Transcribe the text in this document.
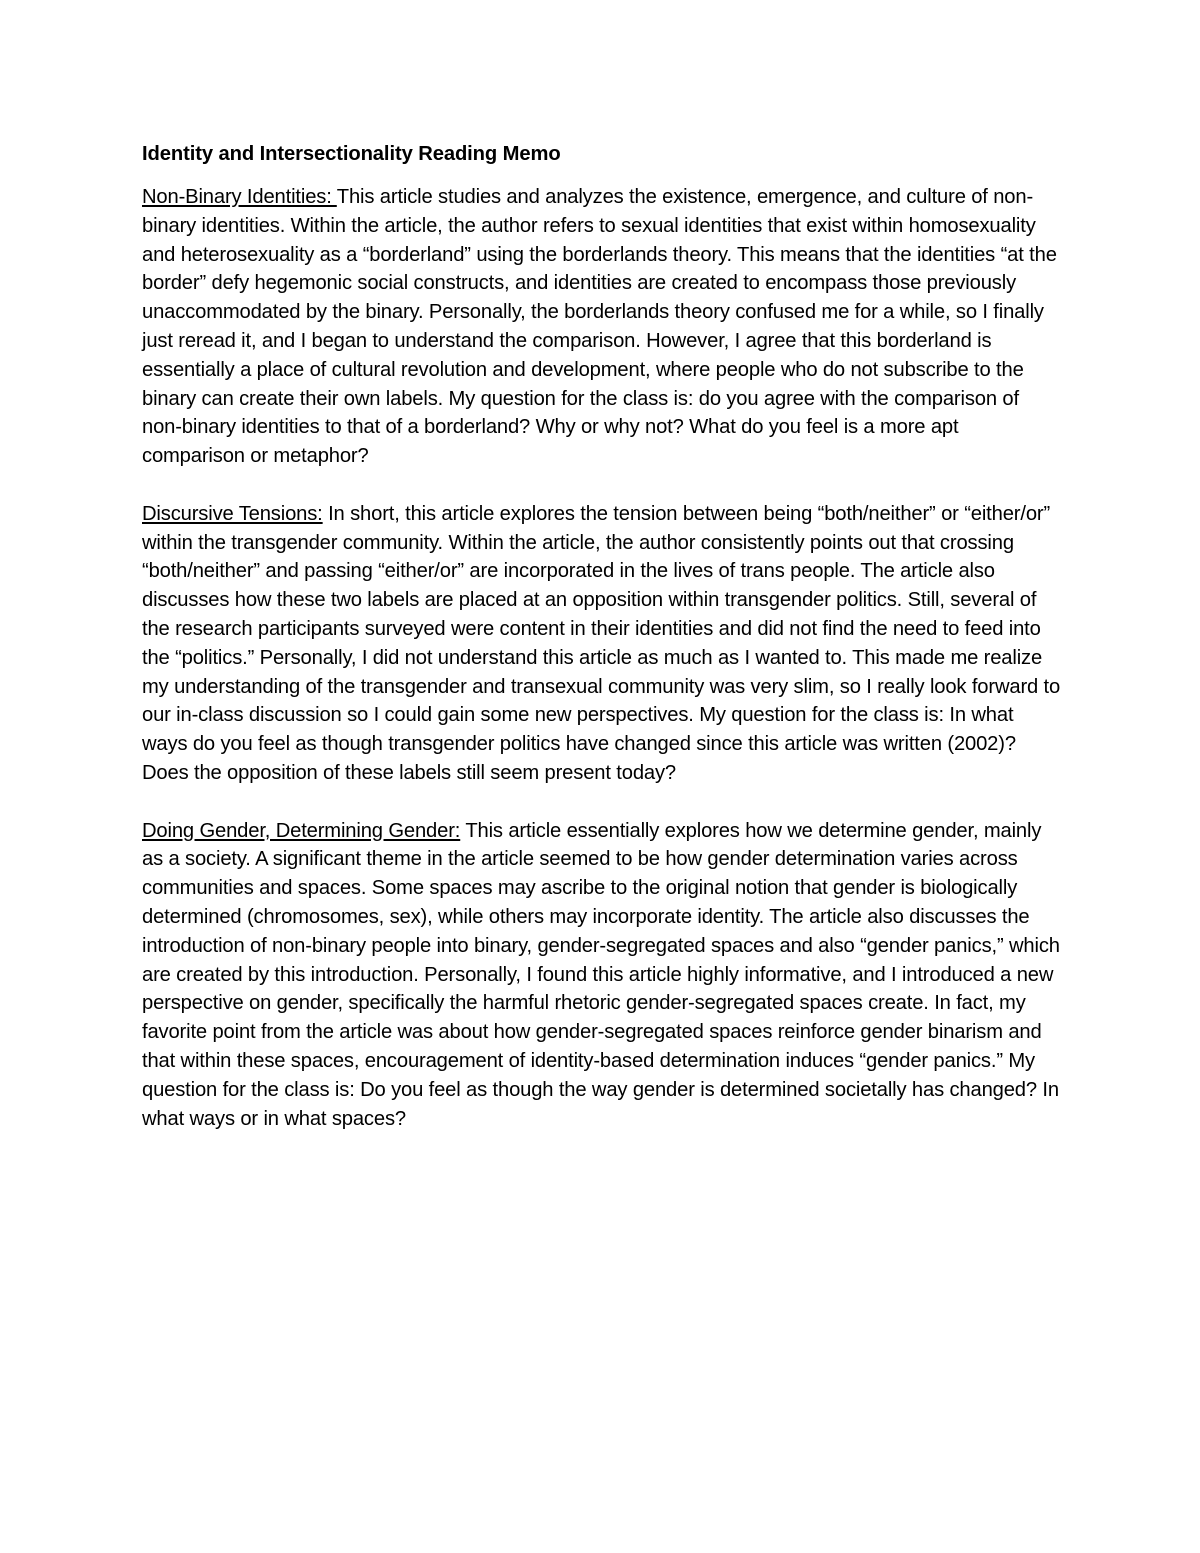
Identity and Intersectionality Reading Memo

Non-Binary Identities: This article studies and analyzes the existence, emergence, and culture of non-binary identities. Within the article, the author refers to sexual identities that exist within homosexuality and heterosexuality as a “borderland” using the borderlands theory. This means that the identities “at the border” defy hegemonic social constructs, and identities are created to encompass those previously unaccommodated by the binary. Personally, the borderlands theory confused me for a while, so I finally just reread it, and I began to understand the comparison. However, I agree that this borderland is essentially a place of cultural revolution and development, where people who do not subscribe to the binary can create their own labels. My question for the class is: do you agree with the comparison of non-binary identities to that of a borderland? Why or why not? What do you feel is a more apt comparison or metaphor?

Discursive Tensions: In short, this article explores the tension between being “both/neither” or “either/or” within the transgender community. Within the article, the author consistently points out that crossing “both/neither” and passing “either/or” are incorporated in the lives of trans people. The article also discusses how these two labels are placed at an opposition within transgender politics. Still, several of the research participants surveyed were content in their identities and did not find the need to feed into the “politics.” Personally, I did not understand this article as much as I wanted to. This made me realize my understanding of the transgender and transexual community was very slim, so I really look forward to our in-class discussion so I could gain some new perspectives. My question for the class is: In what ways do you feel as though transgender politics have changed since this article was written (2002)? Does the opposition of these labels still seem present today?

Doing Gender, Determining Gender: This article essentially explores how we determine gender, mainly as a society. A significant theme in the article seemed to be how gender determination varies across communities and spaces. Some spaces may ascribe to the original notion that gender is biologically determined (chromosomes, sex), while others may incorporate identity. The article also discusses the introduction of non-binary people into binary, gender-segregated spaces and also “gender panics,” which are created by this introduction. Personally, I found this article highly informative, and I introduced a new perspective on gender, specifically the harmful rhetoric gender-segregated spaces create. In fact, my favorite point from the article was about how gender-segregated spaces reinforce gender binarism and that within these spaces, encouragement of identity-based determination induces “gender panics.” My question for the class is: Do you feel as though the way gender is determined societally has changed? In what ways or in what spaces?
